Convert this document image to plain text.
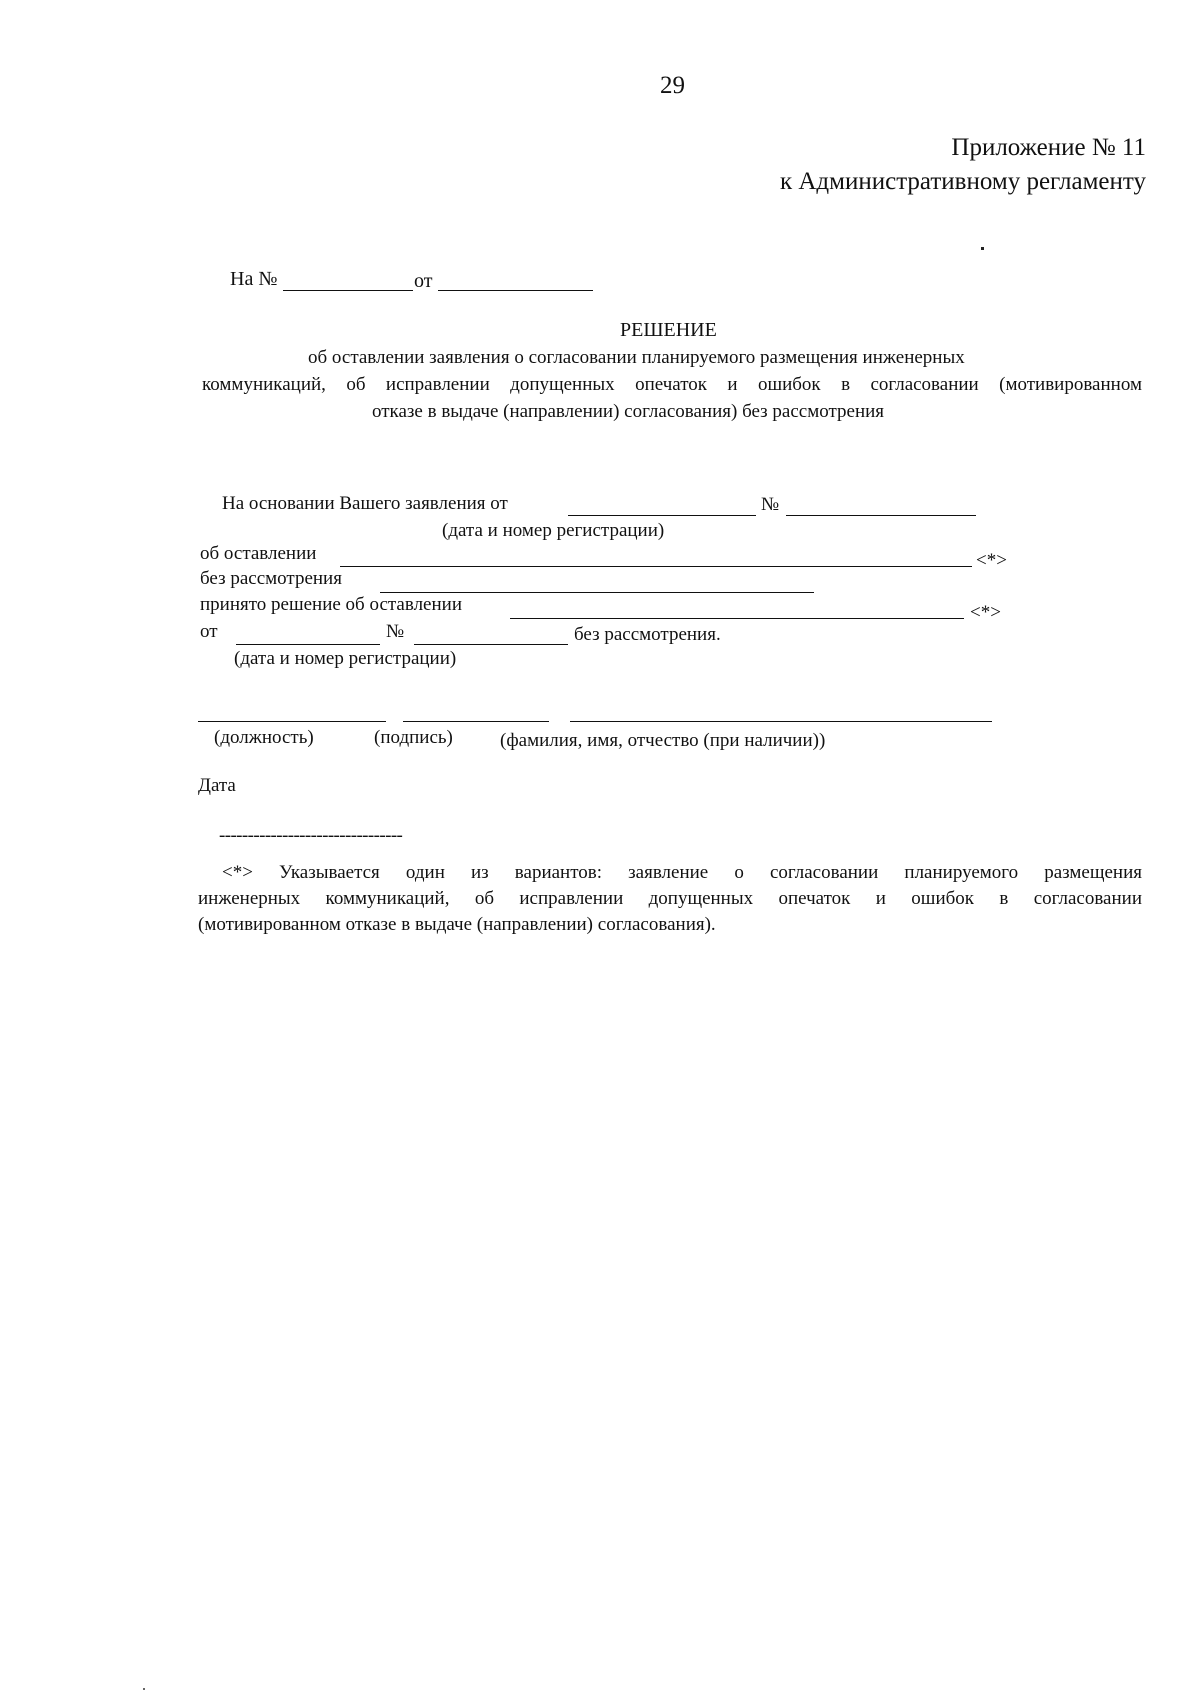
29
Приложение № 11
к Административному регламенту
На №	от
РЕШЕНИЕ
об оставлении заявления о согласовании планируемого размещения инженерных
коммуникаций, об исправлении допущенных опечаток и ошибок в согласовании (мотивированном
отказе в выдаче (направлении) согласования) без рассмотрения
На основании Вашего заявления от	№
(дата и номер регистрации)
об оставлении	<*>
без рассмотрения
принято решение об оставлении	<*>
от	№	без рассмотрения.
(дата и номер регистрации)
(должность)	(подпись) (фамилия, имя, отчество (при наличии))
Дата
--------------------------------
<*>  Указывается  один  из  вариантов:  заявление  о  согласовании  планируемого  размещения
инженерных  коммуникаций,  об  исправлении  допущенных  опечаток  и  ошибок  в  согласовании
(мотивированном отказе в выдаче (направлении) согласования).
